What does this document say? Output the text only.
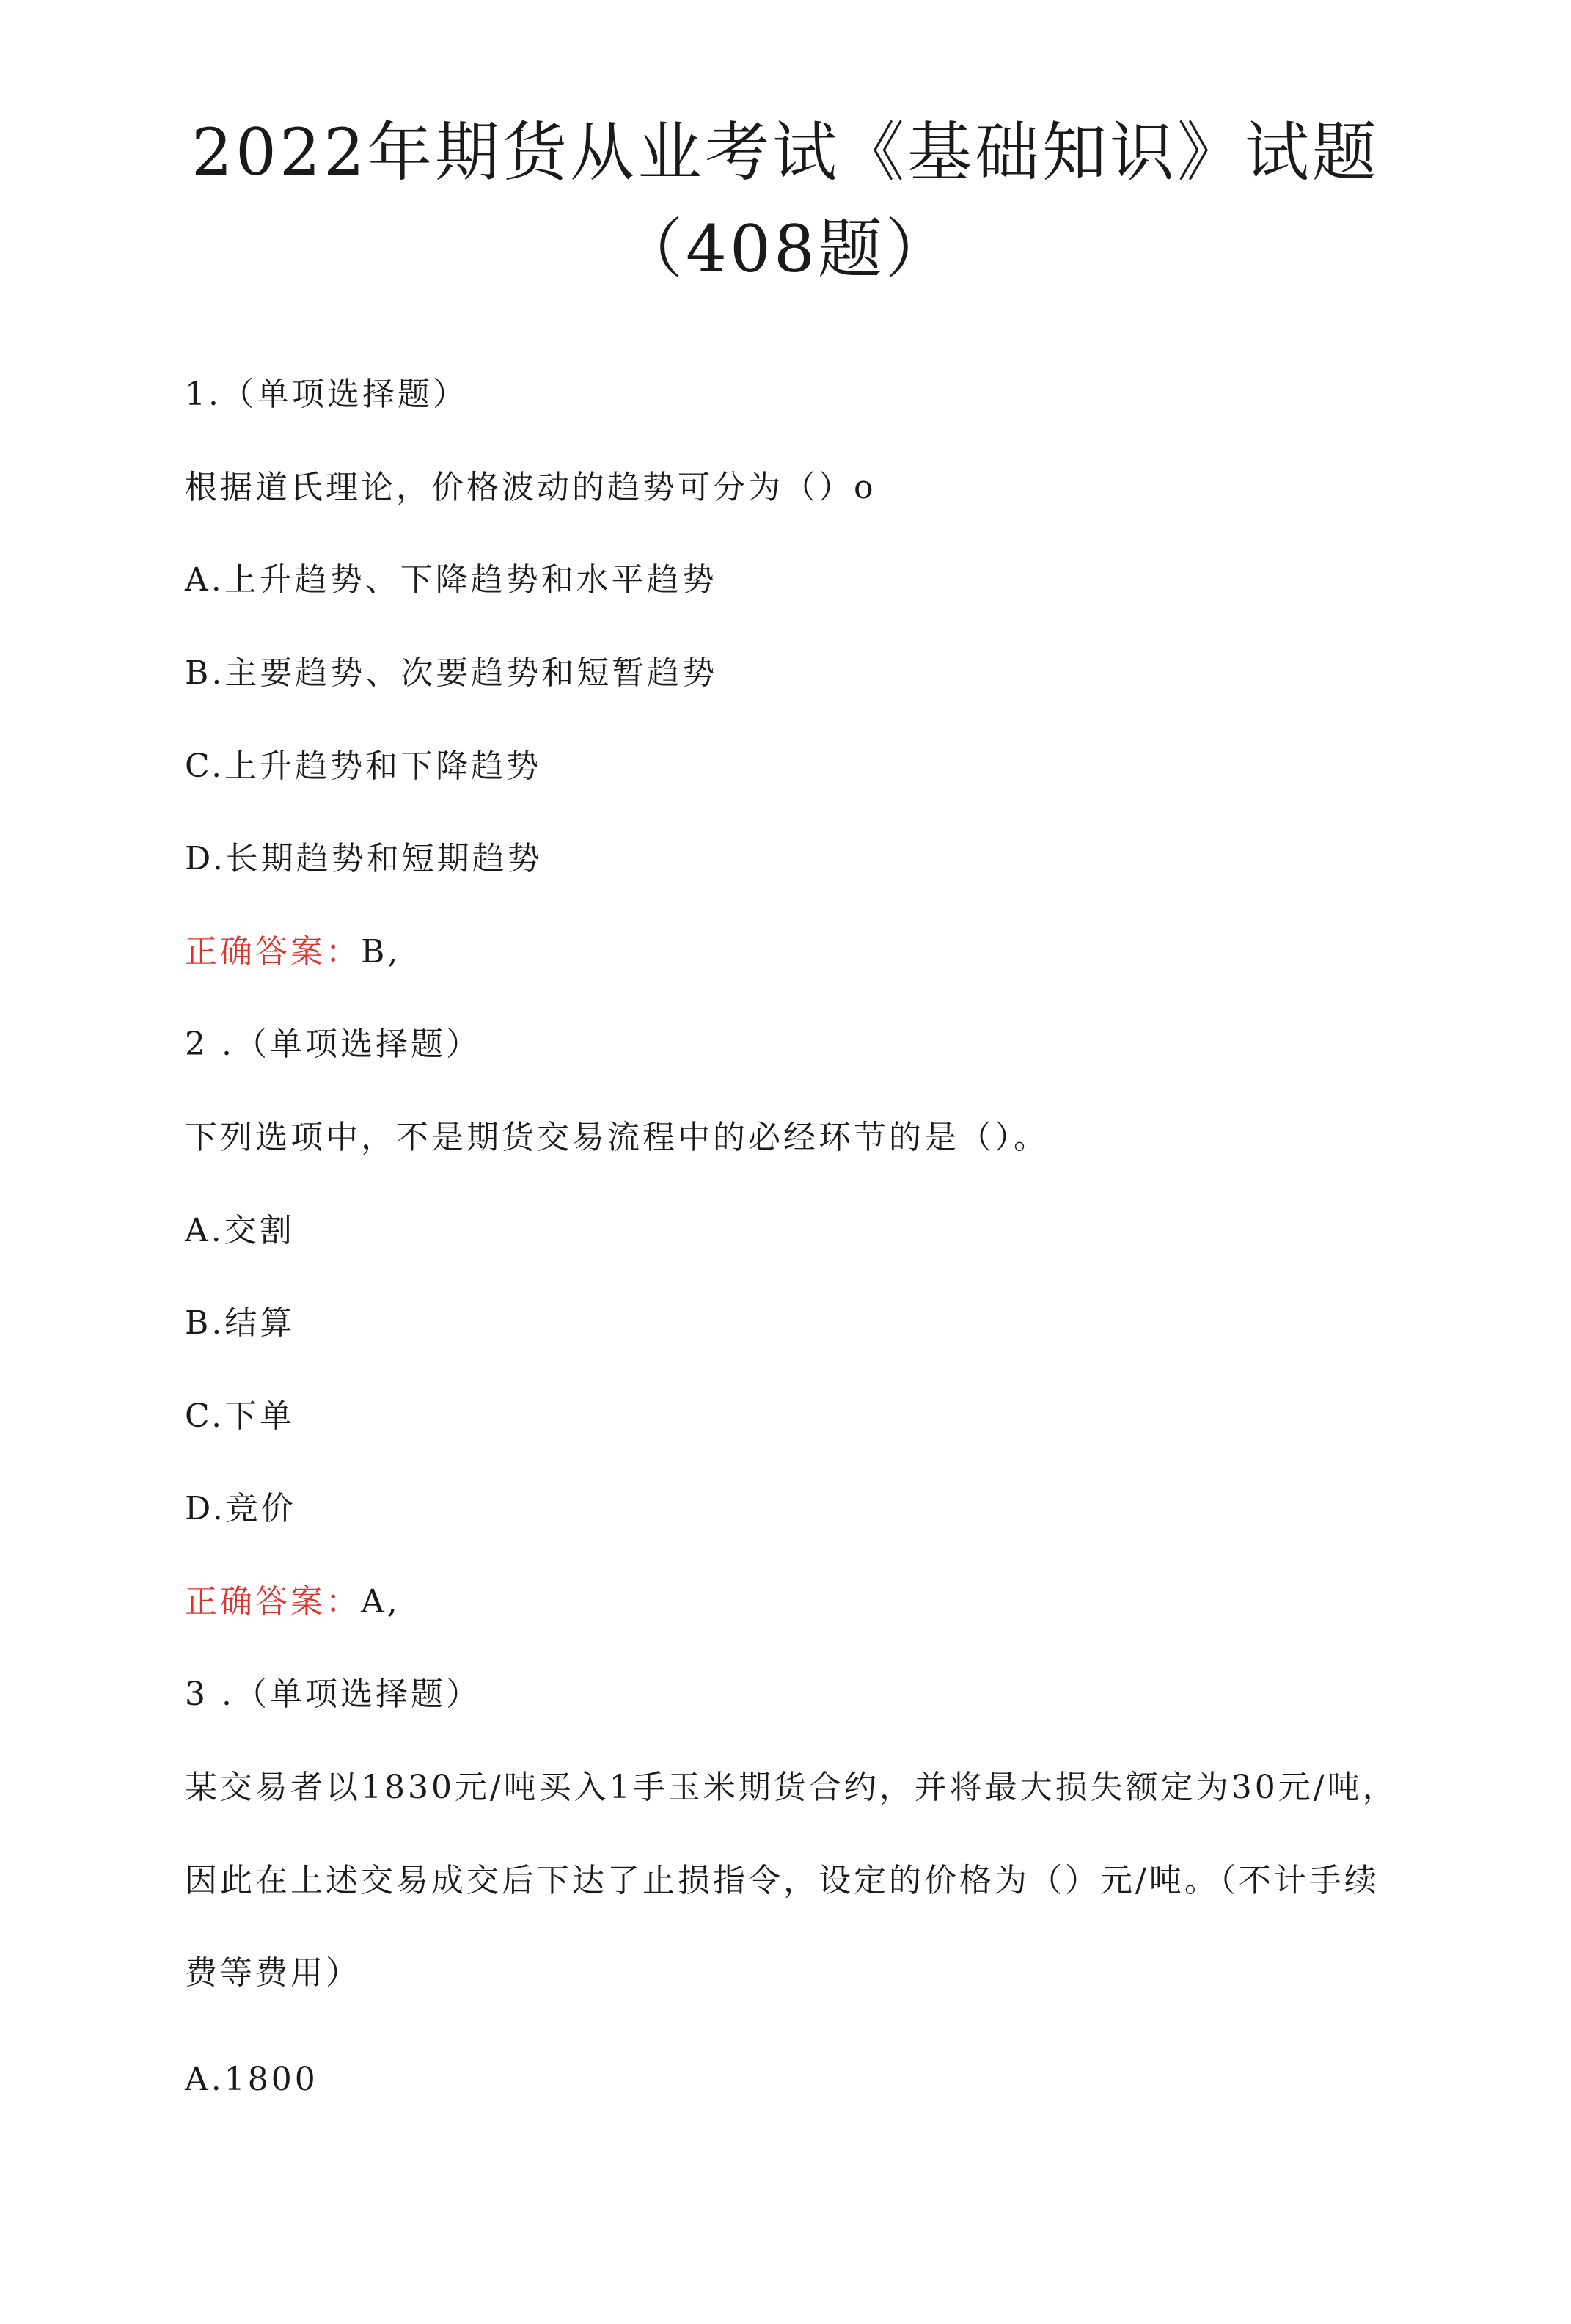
2022年期货从业考试《基础知识》试题
（408题）
1.（单项选择题）
根据道氏理论，价格波动的趋势可分为（）o
A.上升趋势、下降趋势和水平趋势
B.主要趋势、次要趋势和短暂趋势
C.上升趋势和下降趋势
D.长期趋势和短期趋势
正确答案：B,
2 .（单项选择题）
下列选项中，不是期货交易流程中的必经环节的是（）。
A.交割
B.结算
C.下单
D.竞价
正确答案：A,
3 .（单项选择题）
某交易者以1830元/吨买入1手玉米期货合约，并将最大损失额定为30元/吨，
因此在上述交易成交后下达了止损指令，设定的价格为（）元/吨。（不计手续
费等费用）
A.1800
